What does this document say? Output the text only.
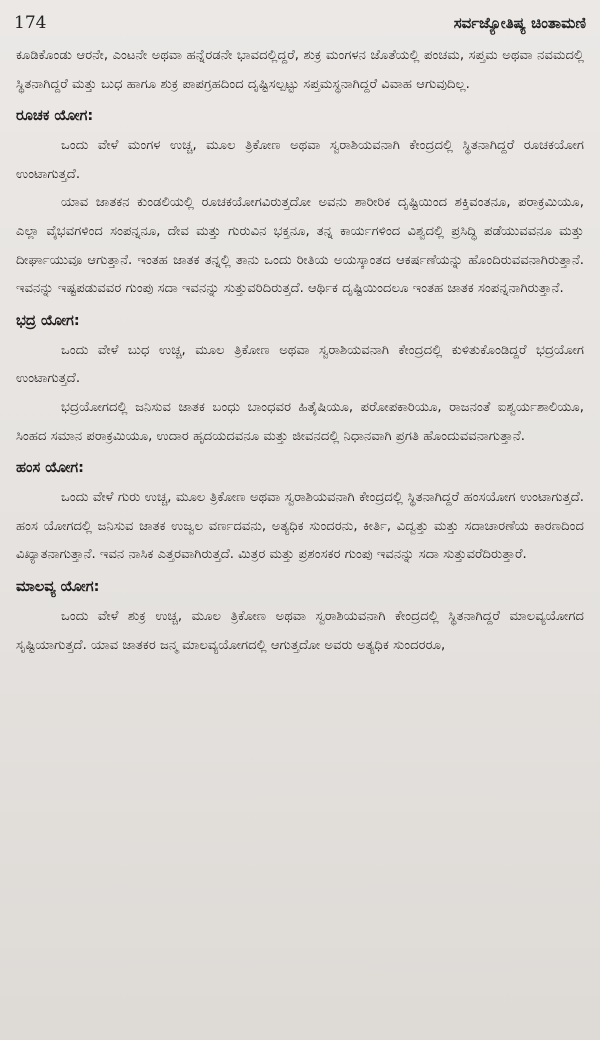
174	ಸರ್ವಜ್ಯೋತಿಷ್ಯ ಚಿಂತಾಮಣಿ

ಕೂಡಿಕೊಂಡು ಆರನೇ, ಎಂಟನೇ ಅಥವಾ ಹನ್ನೆರಡನೇ ಭಾವದಲ್ಲಿದ್ದರೆ, ಶುಕ್ರ ಮಂಗಳನ ಜೊತೆಯಲ್ಲಿ ಪಂಚಮ, ಸಪ್ತಮ ಅಥವಾ ನವಮದಲ್ಲಿ ಸ್ಥಿತನಾಗಿದ್ದರೆ ಮತ್ತು ಬುಧ ಹಾಗೂ ಶುಕ್ರ ಪಾಪಗ್ರಹದಿಂದ ದೃಷ್ಟಿಸಲ್ಪಟ್ಟು ಸಪ್ತಮಸ್ಥನಾಗಿದ್ದರೆ ವಿವಾಹ ಆಗುವುದಿಲ್ಲ.

ರೂಚಕ ಯೋಗ:

ಒಂದು ವೇಳೆ ಮಂಗಳ ಉಚ್ಚ, ಮೂಲ ತ್ರಿಕೋಣ ಅಥವಾ ಸ್ವರಾಶಿಯವನಾಗಿ ಕೇಂದ್ರದಲ್ಲಿ ಸ್ಥಿತನಾಗಿದ್ದರೆ ರೂಚಕಯೋಗ ಉಂಟಾಗುತ್ತದೆ.

ಯಾವ ಜಾತಕನ ಕುಂಡಲಿಯಲ್ಲಿ ರೂಚಕಯೋಗವಿರುತ್ತದೋ ಅವನು ಶಾರೀರಿಕ ದೃಷ್ಟಿಯಿಂದ ಶಕ್ತಿವಂತನೂ, ಪರಾಕ್ರಮಿಯೂ, ಎಲ್ಲಾ ವೈಭವಗಳಿಂದ ಸಂಪನ್ನನೂ, ದೇವ ಮತ್ತು ಗುರುವಿನ ಭಕ್ತನೂ, ತನ್ನ ಕಾರ್ಯಗಳಿಂದ ವಿಶ್ವದಲ್ಲಿ ಪ್ರಸಿದ್ಧಿ ಪಡೆಯುವವನೂ ಮತ್ತು ದೀರ್ಘಾಯುವೂ ಆಗುತ್ತಾನೆ. ಇಂತಹ ಜಾತಕ ತನ್ನಲ್ಲಿ ತಾನು ಒಂದು ರೀತಿಯ ಅಯಸ್ಕಾಂತದ ಆಕರ್ಷಣೆಯನ್ನು ಹೊಂದಿರುವವನಾಗಿರುತ್ತಾನೆ. ಇವನನ್ನು ಇಷ್ಟಪಡುವವರ ಗುಂಪು ಸದಾ ಇವನನ್ನು ಸುತ್ತುವರಿದಿರುತ್ತದೆ. ಆರ್ಥಿಕ ದೃಷ್ಟಿಯಿಂದಲೂ ಇಂತಹ ಜಾತಕ ಸಂಪನ್ನನಾಗಿರುತ್ತಾನೆ.

ಭದ್ರ ಯೋಗ:

ಒಂದು ವೇಳೆ ಬುಧ ಉಚ್ಚ, ಮೂಲ ತ್ರಿಕೋಣ ಅಥವಾ ಸ್ವರಾಶಿಯವನಾಗಿ ಕೇಂದ್ರದಲ್ಲಿ ಕುಳಿತುಕೊಂಡಿದ್ದರೆ ಭದ್ರಯೋಗ ಉಂಟಾಗುತ್ತದೆ.

ಭದ್ರಯೋಗದಲ್ಲಿ ಜನಿಸುವ ಜಾತಕ ಬಂಧು ಬಾಂಧವರ ಹಿತೈಷಿಯೂ, ಪರೋಪಕಾರಿಯೂ, ರಾಜನಂತೆ ಐಶ್ವರ್ಯಶಾಲಿಯೂ, ಸಿಂಹದ ಸಮಾನ ಪರಾಕ್ರಮಿಯೂ, ಉದಾರ ಹೃದಯದವನೂ ಮತ್ತು ಜೀವನದಲ್ಲಿ ನಿಧಾನವಾಗಿ ಪ್ರಗತಿ ಹೊಂದುವವನಾಗುತ್ತಾನೆ.

ಹಂಸ ಯೋಗ:

ಒಂದು ವೇಳೆ ಗುರು ಉಚ್ಚ, ಮೂಲ ತ್ರಿಕೋಣ ಅಥವಾ ಸ್ವರಾಶಿಯವನಾಗಿ ಕೇಂದ್ರದಲ್ಲಿ ಸ್ಥಿತನಾಗಿದ್ದರೆ ಹಂಸಯೋಗ ಉಂಟಾಗುತ್ತದೆ. ಹಂಸ ಯೋಗದಲ್ಲಿ ಜನಿಸುವ ಜಾತಕ ಉಜ್ವಲ ವರ್ಣದವನು, ಅತ್ಯಧಿಕ ಸುಂದರನು, ಕೀರ್ತಿ, ವಿದ್ವತ್ತು ಮತ್ತು ಸದಾಚಾರಣೆಯ ಕಾರಣದಿಂದ ವಿಖ್ಯಾತನಾಗುತ್ತಾನೆ. ಇವನ ನಾಸಿಕ ಎತ್ತರವಾಗಿರುತ್ತದೆ. ಮಿತ್ರರ ಮತ್ತು ಪ್ರಶಂಸಕರ ಗುಂಪು ಇವನನ್ನು ಸದಾ ಸುತ್ತುವರೆದಿರುತ್ತಾರೆ.

ಮಾಲವ್ಯ ಯೋಗ:

ಒಂದು ವೇಳೆ ಶುಕ್ರ ಉಚ್ಚ, ಮೂಲ ತ್ರಿಕೋಣ ಅಥವಾ ಸ್ವರಾಶಿಯವನಾಗಿ ಕೇಂದ್ರದಲ್ಲಿ ಸ್ಥಿತನಾಗಿದ್ದರೆ ಮಾಲವ್ಯಯೋಗದ ಸೃಷ್ಟಿಯಾಗುತ್ತದೆ. ಯಾವ ಜಾತಕರ ಜನ್ಮ ಮಾಲವ್ಯಯೋಗದಲ್ಲಿ ಆಗುತ್ತದೋ ಅವರು ಅತ್ಯಧಿಕ ಸುಂದರರೂ,
